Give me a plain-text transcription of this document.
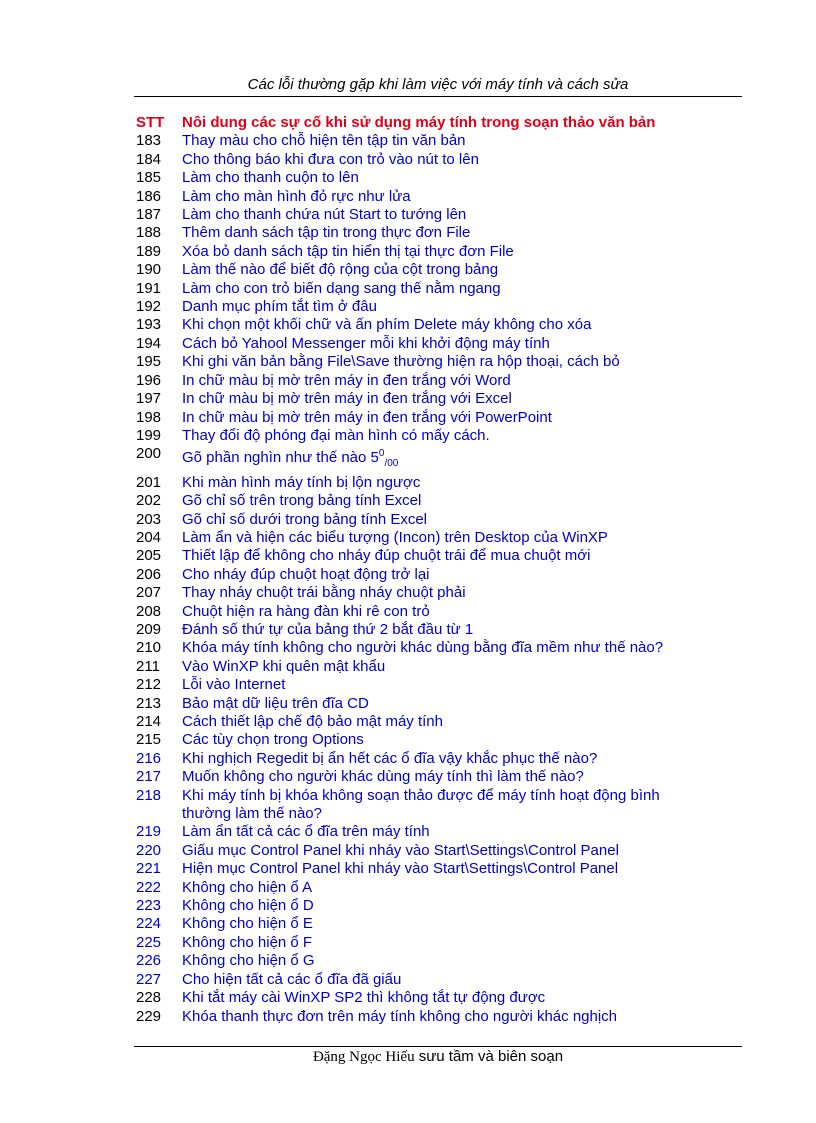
Các lỗi thường gặp khi làm việc với máy tính và cách sửa
STT	Nôi dung các sự cố khi sử dụng máy tính trong soạn thảo văn bản
183	Thay màu cho chỗ hiện tên tập tin văn bản
184	Cho thông báo khi đưa con trỏ vào nút to lên
185	Làm cho thanh cuộn to lên
186	Làm cho màn hình đỏ rực như lửa
187	Làm cho thanh chứa nút Start to tướng lên
188	Thêm danh sách tập tin trong thực đơn File
189	Xóa bỏ danh sách tập tin hiển thị tại thực đơn File
190	Làm thế nào để biết độ rộng của cột trong bảng
191	Làm cho con trỏ biến dạng sang thế nằm ngang
192	Danh mục phím tắt tìm ở đâu
193	Khi chọn một khối chữ và ấn phím Delete máy không cho xóa
194	Cách bỏ Yahool Messenger mỗi khi khởi động máy tính
195	Khi ghi văn bản bằng File\Save thường hiện ra hộp thoại, cách bỏ
196	In chữ màu bị mờ trên máy in đen trắng với Word
197	In chữ màu bị mờ trên máy in đen trắng với Excel
198	In chữ màu bị mờ trên máy in đen trắng với PowerPoint
199	Thay đổi độ phóng đại màn hình có mấy cách.
200	Gõ phần nghìn như thế nào $5^0_{/00}$
201	Khi màn hình máy tính bị lộn ngược
202	Gõ chỉ số trên trong bảng tính Excel
203	Gõ chỉ số dưới trong bảng tính Excel
204	Làm ẩn và hiện các biểu tượng (Incon) trên Desktop của WinXP
205	Thiết lập để không cho nháy đúp chuột trái để mua chuột mới
206	Cho nháy đúp chuột hoạt động trở lại
207	Thay nháy chuột trái bằng nháy chuột phải
208	Chuột hiện ra hàng đàn khi rê con trỏ
209	Đánh số thứ tự của bảng thứ 2 bắt đầu từ 1
210	Khóa máy tính không cho người khác dùng bằng đĩa mềm như thế nào?
211	Vào WinXP khi quên mật khẩu
212	Lỗi vào Internet
213	Bảo mật dữ liệu trên đĩa CD
214	Cách thiết lập chế độ bảo mật máy tính
215	Các tùy chọn trong Options
216	Khi nghịch Regedit bị ẩn hết các ổ đĩa vậy khắc phục thế nào?
217	Muốn không cho người khác dùng máy tính thì làm thế nào?
218	Khi máy tính bị khóa không soạn thảo được để máy tính hoạt động bình
thường làm thế nào?
219	Làm ẩn tất cả các ổ đĩa trên máy tính
220	Giấu mục Control Panel khi nháy vào Start\Settings\Control Panel
221	Hiện mục Control Panel khi nháy vào Start\Settings\Control Panel
222	Không cho hiện ổ A
223	Không cho hiện ổ D
224	Không cho hiện ổ E
225	Không cho hiện ổ F
226	Không cho hiện ổ G
227	Cho hiện tất cả các ổ đĩa đã giấu
228	Khi tắt máy cài WinXP SP2 thì không tắt tự động được
229	Khóa thanh thực đơn trên máy tính không cho người khác nghịch
Đặng Ngọc Hiếu sưu tầm và biên soạn
